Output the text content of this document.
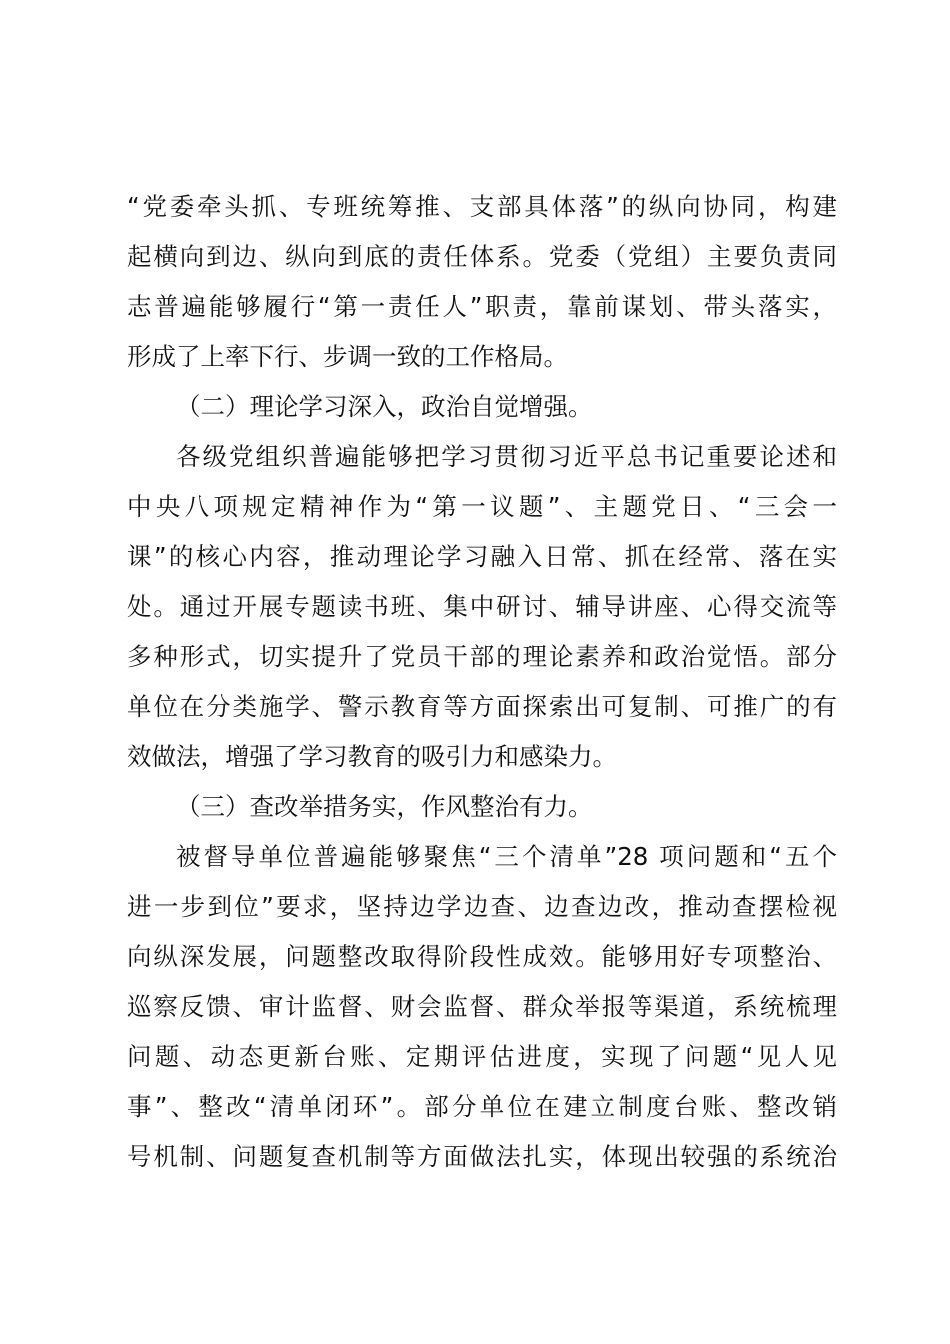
“党委牵头抓、专班统筹推、支部具体落”的纵向协同，构建
起横向到边、纵向到底的责任体系。党委（党组）主要负责同
志普遍能够履行“第一责任人”职责，靠前谋划、带头落实，
形成了上率下行、步调一致的工作格局。
（二）理论学习深入，政治自觉增强。
各级党组织普遍能够把学习贯彻习近平总书记重要论述和
中央八项规定精神作为“第一议题”、主题党日、“三会一
课”的核心内容，推动理论学习融入日常、抓在经常、落在实
处。通过开展专题读书班、集中研讨、辅导讲座、心得交流等
多种形式，切实提升了党员干部的理论素养和政治觉悟。部分
单位在分类施学、警示教育等方面探索出可复制、可推广的有
效做法，增强了学习教育的吸引力和感染力。
（三）查改举措务实，作风整治有力。
被督导单位普遍能够聚焦“三个清单”28 项问题和“五个
进一步到位”要求，坚持边学边查、边查边改，推动查摆检视
向纵深发展，问题整改取得阶段性成效。能够用好专项整治、
巡察反馈、审计监督、财会监督、群众举报等渠道，系统梳理
问题、动态更新台账、定期评估进度，实现了问题“见人见
事”、整改“清单闭环”。部分单位在建立制度台账、整改销
号机制、问题复查机制等方面做法扎实，体现出较强的系统治
